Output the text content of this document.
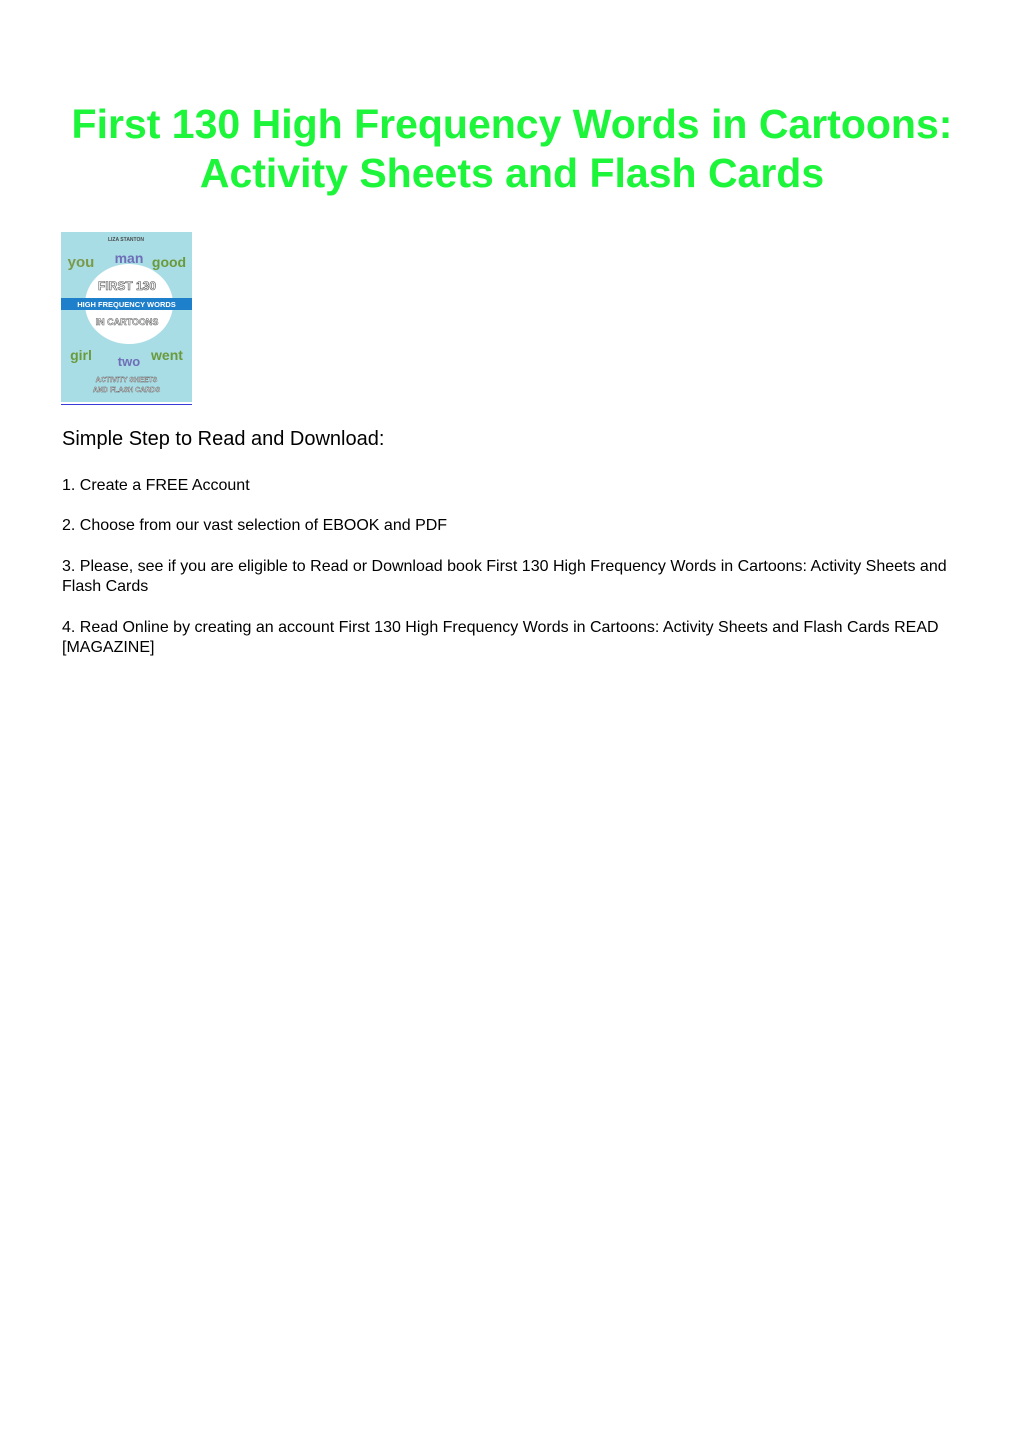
First 130 High Frequency Words in Cartoons:
Activity Sheets and Flash Cards
LIZA STANTON
you man good
FIRST 130
HIGH FREQUENCY WORDS
IN CARTOONS
girl two went
ACTIVITY SHEETS
AND FLASH CARDS
Simple Step to Read and Download:

1. Create a FREE Account

2. Choose from our vast selection of EBOOK and PDF

3. Please, see if you are eligible to Read or Download book First 130 High Frequency Words in Cartoons: Activity Sheets and Flash Cards

4. Read Online by creating an account First 130 High Frequency Words in Cartoons: Activity Sheets and Flash Cards READ [MAGAZINE]
